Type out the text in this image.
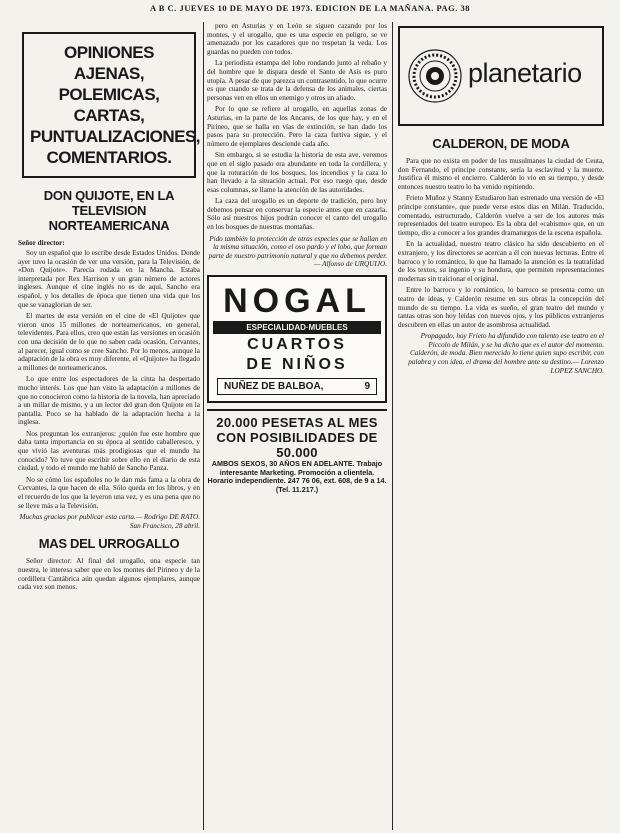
A B C. JUEVES 10 DE MAYO DE 1973. EDICION DE LA MAÑANA. PAG. 38
OPINIONES AJENAS, POLEMICAS, CARTAS, PUNTUALIZACIONES, COMENTARIOS.
DON QUIJOTE, EN LA TELEVISION NORTEAMERICANA

Señor director:

Soy un español que lo escribe desde Estados Unidos. Donde ayer tuvo la ocasión de ver una versión, para la Televisión, de «Don Quijote». Parecía rodada en la Mancha. Estaba interpretada por Rex Harrison y un gran número de actores ingleses. Aunque el cine inglés no es de aquí, Sancho era español, y los detalles de época que tienen una vida que los que se vanaglorian de ser.

El martes de esta versión en el cine de «El Quijote» que vieron unos 15 millones de norteamericanos, en general, televidentes. Para ellos, creo que están las versiones en ocasión con una decisión de lo que no saben cada ocasión, Cervantes, al parecer, igual como se cree Sancho. Por lo menos, aunque la adaptación de la obra es muy diferente, el «Quijote» ha llegado a millones de norteamericanos.

Lo que entre los espectadores de la cinta ha despertado mucho interés. Los que han visto la adaptación a millones de que no conocieron como la historia de la novela, han apreciado a un millar de mismo, y a un lector del gran don Quijote en la pantalla. Poco se ha hablado de la adaptación hecha a la inglesa.

Nos preguntan los extranjeros: ¿quién fue este hombre que daba tanta importancia en su época al sentido caballeresco, y que vivió las aventuras más prodigiosas que el mundo ha conocido? Yo tuve que escribir sobre ello en el diario de esta ciudad, y todo el mundo me habló de Sancho Panza.

No se cómo los españoles no le dan más fama a la obra de Cervantes, la que hacen de ella. Sólo queda en los libros, y en el recuerdo de los que la leyeron una vez, y es una pena que no se lleve más a la Televisión.

Muchas gracias por publicar esta carta.— Rodrigo DE RATO. San Francisco, 28 abril.

MAS DEL URROGALLO

Señor director: Al final del urogallo, una especie tan nuestra, le interesa saber que en los montes del Pirineo y de la cordillera Cantábrica aún quedan algunos ejemplares, aunque cada vez son menos.

pero en Asturias y en León se siguen cazando por los montes, y el urogallo, que es una especie en peligro, se ve amenazado por los cazadores que no respetan la veda. Los guardas no pueden con todos.

La periodista estampa del lobo rondando junto al rebaño y del hombre que le dispara desde el Santo de Asís es puro utopía. A pesar de que parezca un contrasentido, lo que ocurre es que cuando se trata de la defensa de los animales, ciertas personas ven en ellos un enemigo y otros un aliado.

Por lo que se refiere al urogallo, en aquellas zonas de Asturias, en la parte de los Ancares, de los que hay, y en el Pirineo, que se halla en vías de extinción, se han dado los pasos para su protección. Pero la caza furtiva sigue, y el número de ejemplares desciende cada año.

Sin embargo, si se estudia la historia de esta ave, veremos que en el siglo pasado era abundante en toda la cordillera, y que la roturación de los bosques, los incendios y la caza lo han llevado a la situación actual. Por eso ruego que, desde esas columnas, se llame la atención de las autoridades.

La caza del urogallo es un deporte de tradición, pero hoy debemos pensar en conservar la especie antes que en cazarla. Sólo así nuestros hijos podrán conocer el canto del urogallo en los bosques de nuestras montañas.

Pido también la protección de otras especies que se hallan en la misma situación, como el oso pardo y el lobo, que forman parte de nuestro patrimonio natural y que no debemos perder.— Alfonso de URQUIJO.

NOGAL
ESPECIALIDAD·MUEBLES
CUARTOS
DE NIÑOS
NUÑEZ DE BALBOA,	9
20.000 PESETAS AL MES
CON POSIBILIDADES DE 50.000
AMBOS SEXOS, 30 AÑOS EN ADELANTE. Trabajo interesante Marketing. Promoción a clientela. Horario independiente. 247 76 06, ext. 608, de 9 a 14. (Tel. 11.217.)
planetario
CALDERON, DE MODA

Para que no exista en poder de los musulmanes la ciudad de Ceuta, don Fernando, el príncipe constante, sería la esclavitud y la muerte. Justifica él mismo el encierro. Calderón lo vio en su tiempo, y desde entonces nuestro teatro lo ha venido repitiendo.

Frieto Muñoz y Stanny Estudiaron han estrenado una versión de «El príncipe constante», que puede verse estos días en Milán. Traducido, comentado, estructurado, Calderón vuelve a ser de los autores más representados del teatro europeo. Es la obra del «cabismo» que, en un tiempo, dio a conocer a los grandes dramaturgos de la escena española.

En la actualidad, nuestro teatro clásico ha sido descubierto en el extranjero, y los directores se acercan a él con nuevas lecturas. Entre el barroco y lo romántico, lo que ha llamado la atención es la teatralidad de los textos, su ingenio y su hondura, que permiten representaciones modernas sin traicionar el original.

Entre lo barroco y lo romántico, lo barroco se presenta como un teatro de ideas, y Calderón resume en sus obras la concepción del mundo de su tiempo. La vida es sueño, el gran teatro del mundo y tantas otras son hoy leídas con nuevos ojos, y los públicos extranjeros descubren en ellas un autor de asombrosa actualidad.

Propagado, hoy Frieto ha difundido con talento ese teatro en el Piccolo de Milán, y se ha dicho que es el autor del momento. Calderón, de moda. Bien merecido lo tiene quien supo escribir, con palabra y con idea, el drama del hombre ante su destino.— Lorenzo LOPEZ SANCHO.
